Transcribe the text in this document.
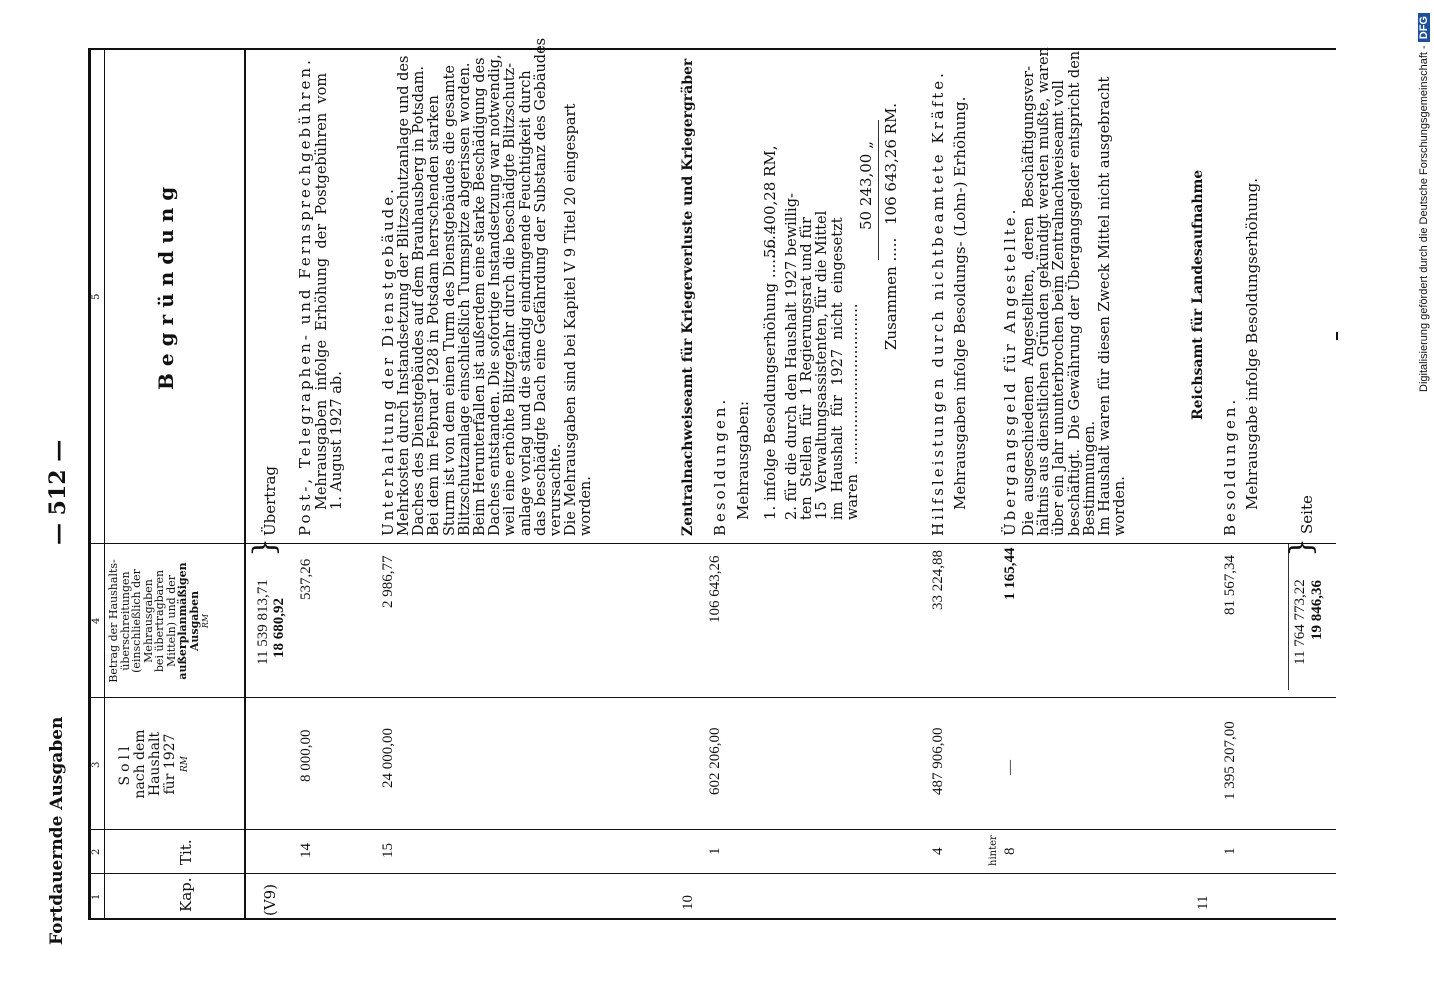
Fortdauernde Ausgaben
— 512 —
1
2
3
4
5
Kap.
Tit.
Soll nach dem Haushalt für 1927 RM
Betrag der Haushalts-
überschreitungen
(einschließlich der
Mehrausgaben
bei übertragbaren
Mitteln) und der
außerplanmäßigen
Ausgaben RM
Begründung
(V9)
11 539 813,71 18 680,92
}
Übertrag
14
8 000,00
537,26
Post-, Telegraphen- und Fernsprechgebühren. Mehrausgaben  infolge  Erhöhung  der  Postgebühren  vom
1. August 1927 ab.
15
24 000,00
2 986,77
Unterhaltung der Dienstgebäude. Mehrkosten durch Instandsetzung der Blitzschutzanlage und des
Daches des Dienstgebäudes auf dem Brauhausberg in Potsdam.
Bei dem im Februar 1928 in Potsdam herrschenden starken
Sturm ist von dem einen Turm des Dienstgebäudes die gesamte
Blitzschutzanlage einschließlich Turmspitze abgerissen worden.
Beim Herunterfallen ist außerdem eine starke Beschädigung des
Daches entstanden. Die sofortige Instandsetzung war notwendig,
weil eine erhöhte Blitzgefahr durch die beschädigte Blitzschutz-
anlage vorlag und die ständig eindringende Feuchtigkeit durch
das beschädigte Dach eine Gefährdung der Substanz des Gebäudes
verursachte.
Die Mehrausgaben sind bei Kapitel V 9 Titel 20 eingespart
worden.
10
Zentralnachweiseamt für Kriegerverluste und Kriegergräber
1
602 206,00
106 643,26
Besoldungen. Mehrausgaben: 1. infolge Besoldungserhöhung ..........
56 400,28 RM, 2. für die durch den Haushalt 1927 bewillig-
ten  Stellen  für  1 Regierungsrat und für
15  Verwaltungsassistenten, für die Mittel
im  Haushalt  für  1927  nicht  eingesetzt
waren  ...................................
50 243,00 „
Zusammen .....
106 643,26 RM.
4
487 906,00
33 224,88
Hilfsleistungen durch nichtbeamtete Kräfte. Mehrausgaben infolge Besoldungs- (Lohn-) Erhöhung.
hinter 8
—
1 165,44
Übergangsgeld für Angestellte. Die  ausgeschiedenen  Angestellten,  deren  Beschäftigungsver-
hältnis aus dienstlichen Gründen gekündigt werden mußte, waren
über ein Jahr ununterbrochen beim Zentralnachweiseamt voll
beschäftigt.  Die Gewährung der Übergangsgelder entspricht den
Bestimmungen.
Im Haushalt waren für diesen Zweck Mittel nicht ausgebracht
worden.
11
Reichsamt für Landesaufnahme
1
1 395 207,00
81 567,34
Besoldungen. Mehrausgabe infolge Besoldungserhöhung.
11 764 773,22 19 846,36
}
Seite
Digitalisierung gefördert durch die Deutsche Forschungsgemeinschaft - DFG
